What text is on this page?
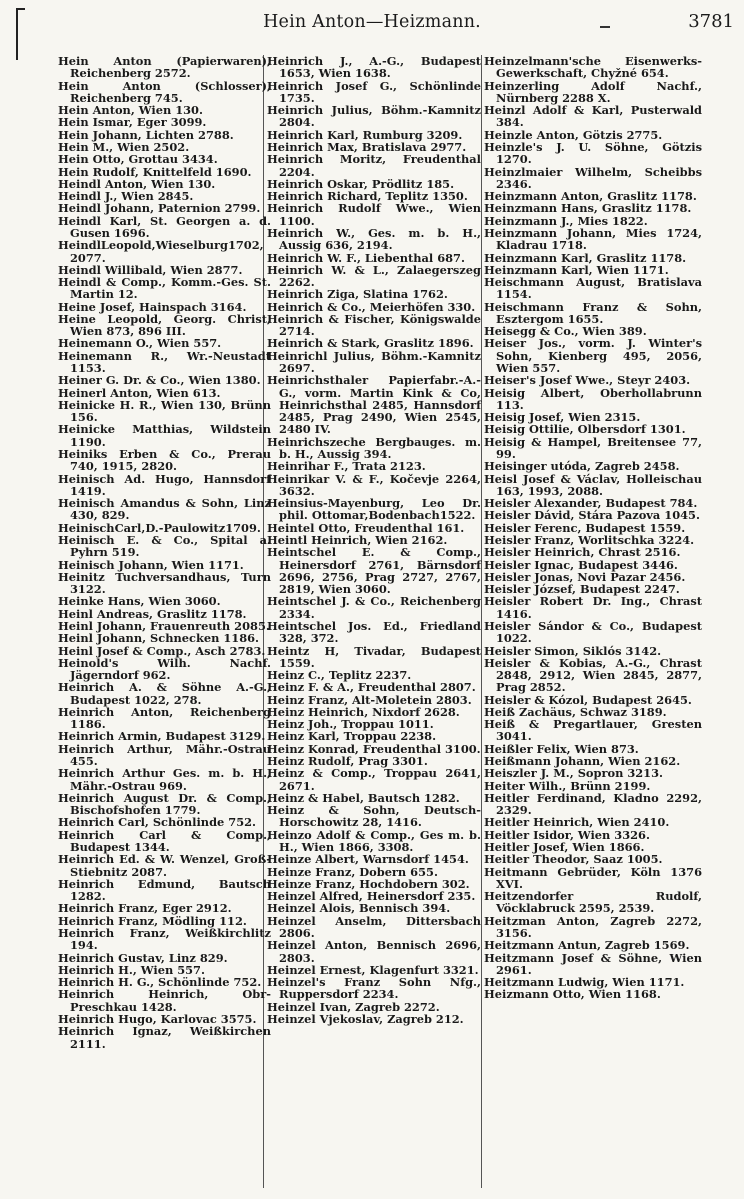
Hein Anton—Heizmann.	3781
Hein Anton (Papierwaren), Reichenberg 2572.
Hein Anton (Schlosser), Reichenberg 745.
Hein Anton, Wien 130.
Hein Ismar, Eger 3099.
Hein Johann, Lichten 2788.
Hein M., Wien 2502.
Hein Otto, Grottau 3434.
Hein Rudolf, Knittelfeld 1690.
Heindl Anton, Wien 130.
Heindl J., Wien 2845.
Heindl Johann, Paternion 2799.
Heindl Karl, St. Georgen a. d. Gusen 1696.
HeindlLeopold,Wieselburg1702, 2077.
Heindl Willibald, Wien 2877.
Heindl & Comp., Komm.-Ges. St. Martin 12.
Heine Josef, Hainspach 3164.
Heine Leopold, Georg. Christ, Wien 873, 896 III.
Heinemann O., Wien 557.
Heinemann R., Wr.-Neustadt 1153.
Heiner G. Dr. & Co., Wien 1380.
Heinerl Anton, Wien 613.
Heinicke H. R., Wien 130, Brünn 156.
Heinicke Matthias, Wildstein 1190.
Heiniks Erben & Co., Prerau 740, 1915, 2820.
Heinisch Ad. Hugo, Hannsdorf 1419.
Heinisch Amandus & Sohn, Linz 430, 829.
HeinischCarl,D.-Paulowitz1709.
Heinisch E. & Co., Spital a. Pyhrn 519.
Heinisch Johann, Wien 1171.
Heinitz Tuchversandhaus, Turn 3122.
Heinke Hans, Wien 3060.
Heinl Andreas, Graslitz 1178.
Heinl Johann, Frauenreuth 2085.
Heinl Johann, Schnecken 1186.
Heinl Josef & Comp., Asch 2783.
Heinold's Wilh. Nachf. Jägerndorf 962.
Heinrich A. & Söhne A.-G., Budapest 1022, 278.
Heinrich Anton, Reichenberg 1186.
Heinrich Armin, Budapest 3129.
Heinrich Arthur, Mähr.-Ostrau 455.
Heinrich Arthur Ges. m. b. H., Mähr.-Ostrau 969.
Heinrich August Dr. & Comp., Bischofshofen 1779.
Heinrich Carl, Schönlinde 752.
Heinrich Carl & Comp., Budapest 1344.
Heinrich Ed. & W. Wenzel, Groß-Stiebnitz 2087.
Heinrich Edmund, Bautsch 1282.
Heinrich Franz, Eger 2912.
Heinrich Franz, Mödling 112.
Heinrich Franz, Weißkirchlitz 194.
Heinrich Gustav, Linz 829.
Heinrich H., Wien 557.
Heinrich H. G., Schönlinde 752.
Heinrich Heinrich, Obr-Preschkau 1428.
Heinrich Hugo, Karlovac 3575.
Heinrich Ignaz, Weißkirchen 2111.
Heinrich J., A.-G., Budapest 1653, Wien 1638.
Heinrich Josef G., Schönlinde 1735.
Heinrich Julius, Böhm.-Kamnitz 2804.
Heinrich Karl, Rumburg 3209.
Heinrich Max, Bratislava 2977.
Heinrich Moritz, Freudenthal 2204.
Heinrich Oskar, Prödlitz 185.
Heinrich Richard, Teplitz 1350.
Heinrich Rudolf Wwe., Wien 1100.
Heinrich W., Ges. m. b. H., Aussig 636, 2194.
Heinrich W. F., Liebenthal 687.
Heinrich W. & L., Zalaegerszeg 2262.
Heinrich Ziga, Slatina 1762.
Heinrich & Co., Meierhöfen 330.
Heinrich & Fischer, Königswalde 2714.
Heinrich & Stark, Graslitz 1896.
Heinrichl Julius, Böhm.-Kamnitz 2697.
Heinrichsthaler Papierfabr.-A.-G., vorm. Martin Kink & Co, Heinrichsthal 2485, Hannsdorf 2485, Prag 2490, Wien 2545, 2480 IV.
Heinrichszeche Bergbauges. m. b. H., Aussig 394.
Heinrihar F., Trata 2123.
Heinrikar V. & F., Kočevje 2264, 3632.
Heinsius-Mayenburg, Leo Dr. phil. Ottomar,Bodenbach1522.
Heintel Otto, Freudenthal 161.
Heintl Heinrich, Wien 2162.
Heintschel E. & Comp., Heinersdorf 2761, Bärnsdorf 2696, 2756, Prag 2727, 2767, 2819, Wien 3060.
Heintschel J. & Co., Reichenberg 2334.
Heintschel Jos. Ed., Friedland 328, 372.
Heintz H, Tivadar, Budapest 1559.
Heinz C., Teplitz 2237.
Heinz F. & A., Freudenthal 2807.
Heinz Franz, Alt-Moletein 2803.
Heinz Heinrich, Nixdorf 2628.
Heinz Joh., Troppau 1011.
Heinz Karl, Troppau 2238.
Heinz Konrad, Freudenthal 3100.
Heinz Rudolf, Prag 3301.
Heinz & Comp., Troppau 2641, 2671.
Heinz & Habel, Bautsch 1282.
Heinz & Sohn, Deutsch-Horschowitz 28, 1416.
Heinzo Adolf & Comp., Ges m. b. H., Wien 1866, 3308.
Heinze Albert, Warnsdorf 1454.
Heinze Franz, Dobern 655.
Heinze Franz, Hochdobern 302.
Heinzel Alfred, Heinersdorf 235.
Heinzel Alois, Bennisch 394.
Heinzel Anselm, Dittersbach 2806.
Heinzel Anton, Bennisch 2696, 2803.
Heinzel Ernest, Klagenfurt 3321.
Heinzel's Franz Sohn Nfg., Ruppersdorf 2234.
Heinzel Ivan, Zagreb 2272.
Heinzel Vjekoslav, Zagreb 212.
Heinzelmann'sche Eisenwerks-Gewerkschaft, Chyžné 654.
Heinzerling Adolf Nachf., Nürnberg 2288 X.
Heinzl Adolf & Karl, Pusterwald 384.
Heinzle Anton, Götzis 2775.
Heinzle's J. U. Söhne, Götzis 1270.
Heinzlmaier Wilhelm, Scheibbs 2346.
Heinzmann Anton, Graslitz 1178.
Heinzmann Hans, Graslitz 1178.
Heinzmann J., Mies 1822.
Heinzmann Johann, Mies 1724, Kladrau 1718.
Heinzmann Karl, Graslitz 1178.
Heinzmann Karl, Wien 1171.
Heischmann August, Bratislava 1154.
Heischmann Franz & Sohn, Esztergom 1655.
Heisegg & Co., Wien 389.
Heiser Jos., vorm. J. Winter's Sohn, Kienberg 495, 2056, Wien 557.
Heiser's Josef Wwe., Steyr 2403.
Heisig Albert, Oberhollabrunn 113.
Heisig Josef, Wien 2315.
Heisig Ottilie, Olbersdorf 1301.
Heisig & Hampel, Breitensee 77, 99.
Heisinger utóda, Zagreb 2458.
Heisl Josef & Václav, Holleischau 163, 1993, 2088.
Heisler Alexander, Budapest 784.
Heisler Dávid, Stára Pazova 1045.
Heisler Ferenc, Budapest 1559.
Heisler Franz, Worlitschka 3224.
Heisler Heinrich, Chrast 2516.
Heisler Ignac, Budapest 3446.
Heisler Jonas, Novi Pazar 2456.
Heisler József, Budapest 2247.
Heisler Robert Dr. Ing., Chrast 1416.
Heisler Sándor & Co., Budapest 1022.
Heisler Simon, Siklós 3142.
Heisler & Kobias, A.-G., Chrast 2848, 2912, Wien 2845, 2877, Prag 2852.
Heisler & Kózol, Budapest 2645.
Heiß Zachäus, Schwaz 3189.
Heiß & Pregartlauer, Gresten 3041.
Heißler Felix, Wien 873.
Heißmann Johann, Wien 2162.
Heiszler J. M., Sopron 3213.
Heiter Wilh., Brünn 2199.
Heitler Ferdinand, Kladno 2292, 2329.
Heitler Heinrich, Wien 2410.
Heitler Isidor, Wien 3326.
Heitler Josef, Wien 1866.
Heitler Theodor, Saaz 1005.
Heitmann Gebrüder, Köln 1376 XVI.
Heitzendorfer Rudolf, Vöcklabruck 2595, 2539.
Heitzman Anton, Zagreb 2272, 3156.
Heitzmann Antun, Zagreb 1569.
Heitzmann Josef & Söhne, Wien 2961.
Heitzmann Ludwig, Wien 1171.
Heizmann Otto, Wien 1168.
